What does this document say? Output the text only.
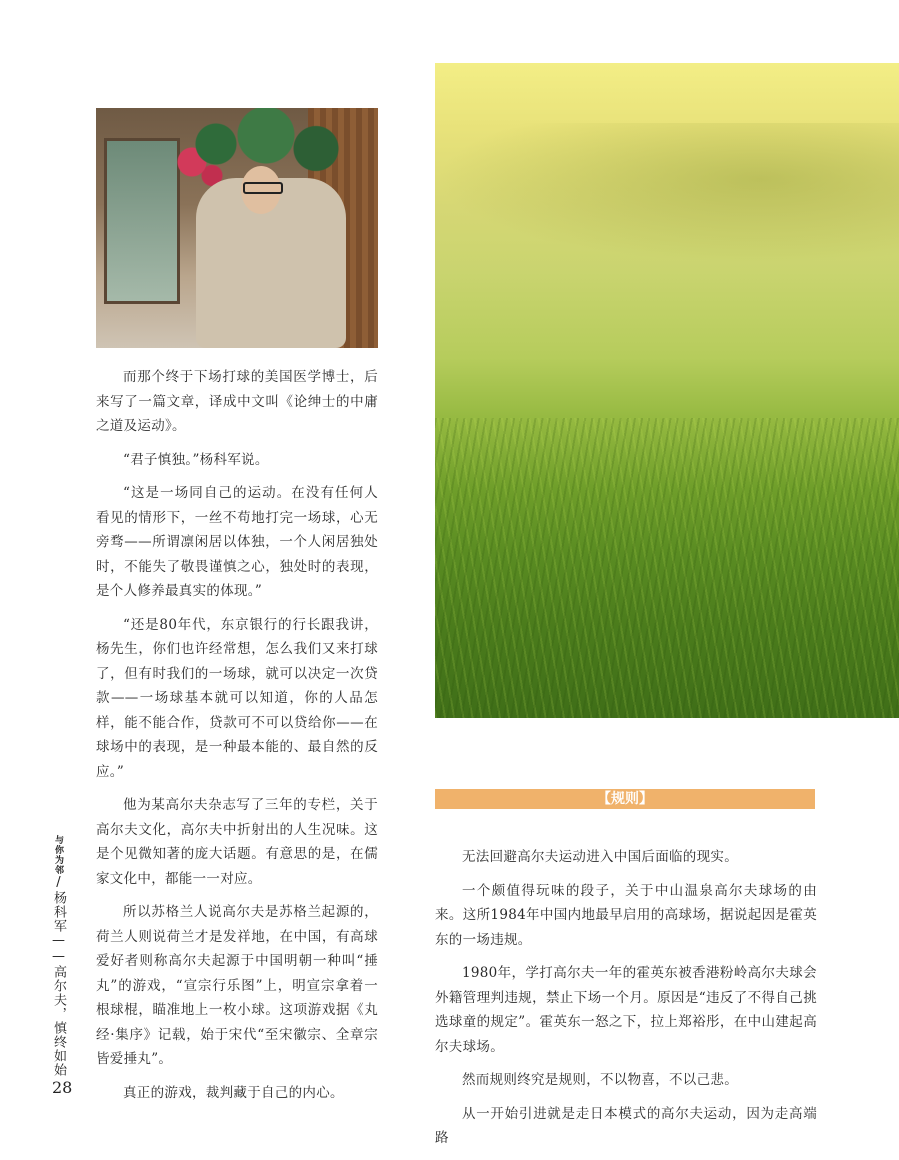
而那个终于下场打球的美国医学博士，后来写了一篇文章，译成中文叫《论绅士的中庸之道及运动》。

“君子慎独。”杨科军说。

“这是一场同自己的运动。在没有任何人看见的情形下，一丝不苟地打完一场球，心无旁骛——所谓凛闲居以体独，一个人闲居独处时，不能失了敬畏谨慎之心，独处时的表现，是个人修养最真实的体现。”

“还是80年代，东京银行的行长跟我讲，杨先生，你们也许经常想，怎么我们又来打球了，但有时我们的一场球，就可以决定一次贷款——一场球基本就可以知道，你的人品怎样，能不能合作，贷款可不可以贷给你——在球场中的表现，是一种最本能的、最自然的反应。”

他为某高尔夫杂志写了三年的专栏，关于高尔夫文化，高尔夫中折射出的人生况味。这是个见微知著的庞大话题。有意思的是，在儒家文化中，都能一一对应。

所以苏格兰人说高尔夫是苏格兰起源的，荷兰人则说荷兰才是发祥地，在中国，有高球爱好者则称高尔夫起源于中国明朝一种叫“捶丸”的游戏，“宣宗行乐图”上，明宣宗拿着一根球棍，瞄准地上一枚小球。这项游戏据《丸经·集序》记载，始于宋代“至宋徽宗、全章宗皆爱捶丸”。

真正的游戏，裁判藏于自己的内心。

【规则】

无法回避高尔夫运动进入中国后面临的现实。

一个颇值得玩味的段子，关于中山温泉高尔夫球场的由来。这所1984年中国内地最早启用的高球场，据说起因是霍英东的一场违规。

1980年，学打高尔夫一年的霍英东被香港粉岭高尔夫球会外籍管理判违规，禁止下场一个月。原因是“违反了不得自己挑选球童的规定”。霍英东一怒之下，拉上郑裕彤，在中山建起高尔夫球场。

然而规则终究是规则，不以物喜，不以己悲。

从一开始引进就是走日本模式的高尔夫运动，因为走高端路

与你为邻/杨科军——高尔夫，慎终如始
28
